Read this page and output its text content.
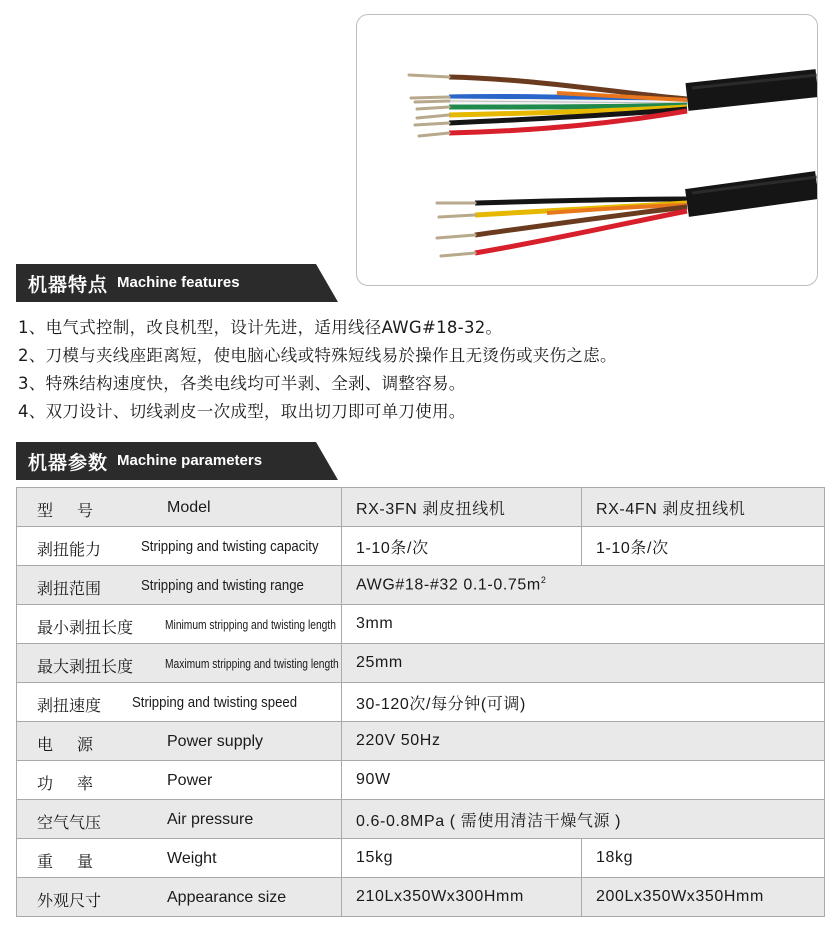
机器特点 Machine features
1、电气式控制，改良机型，设计先进，适用线径AWG#18-32。
2、刀模与夹线座距离短，使电脑心线或特殊短线易於操作且无烫伤或夹伤之虑。
3、特殊结构速度快，各类电线均可半剥、全剥、调整容易。
4、双刀设计、切线剥皮一次成型，取出切刀即可单刀使用。
机器参数 Machine parameters
型号 Model	RX-3FN 剥皮扭线机	RX-4FN 剥皮扭线机

剥扭能力 Stripping and twisting capacity	1-10条/次	1-10条/次

剥扭范围 Stripping and twisting range	AWG#18-#32 $0.1-0.75m^2$

最小剥扭长度 Minimum stripping and twisting length	3mm	

最大剥扭长度 Maximum stripping and twisting length	25mm	

剥扭速度 Stripping and twisting speed	30-120次/每分钟(可调)	

电源 Power supply	220V 50Hz	

功率 Power	90W	

空气气压 Air pressure	0.6-0.8MPa ( 需使用清洁干燥气源 )	

重量 Weight	15kg	18kg

外观尺寸 Appearance size	210Lx350Wx300Hmm	200Lx350Wx350Hmm
